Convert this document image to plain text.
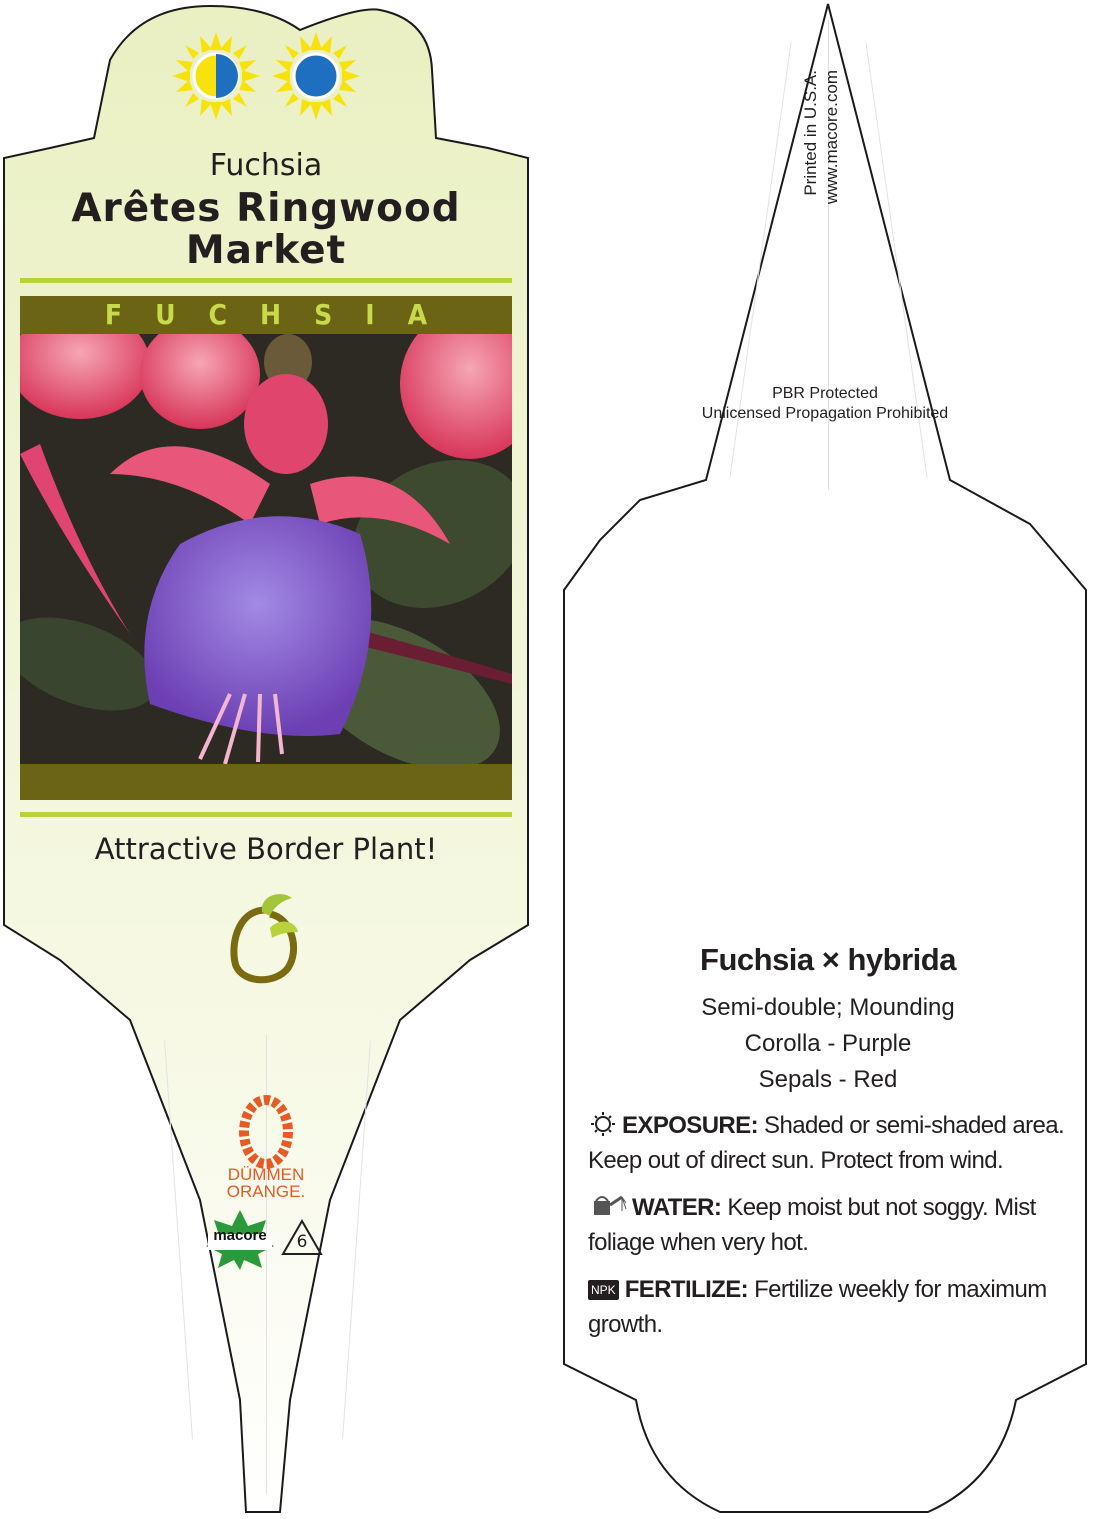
Fuchsia
Arêtes Ringwood
Market
FUCHSIA
Attractive Border Plant!
DÜMMEN
ORANGE.
macore	6
Printed in U.S.A. www.macore.com
PBR Protected
Unlicensed Propagation Prohibited
Fuchsia × hybrida
Semi-double; Mounding
Corolla - Purple
Sepals - Red
EXPOSURE: Shaded or semi-shaded area. Keep out of direct sun. Protect from wind.
WATER: Keep moist but not soggy. Mist foliage when very hot.
NPK FERTILIZE: Fertilize weekly for maximum growth.
